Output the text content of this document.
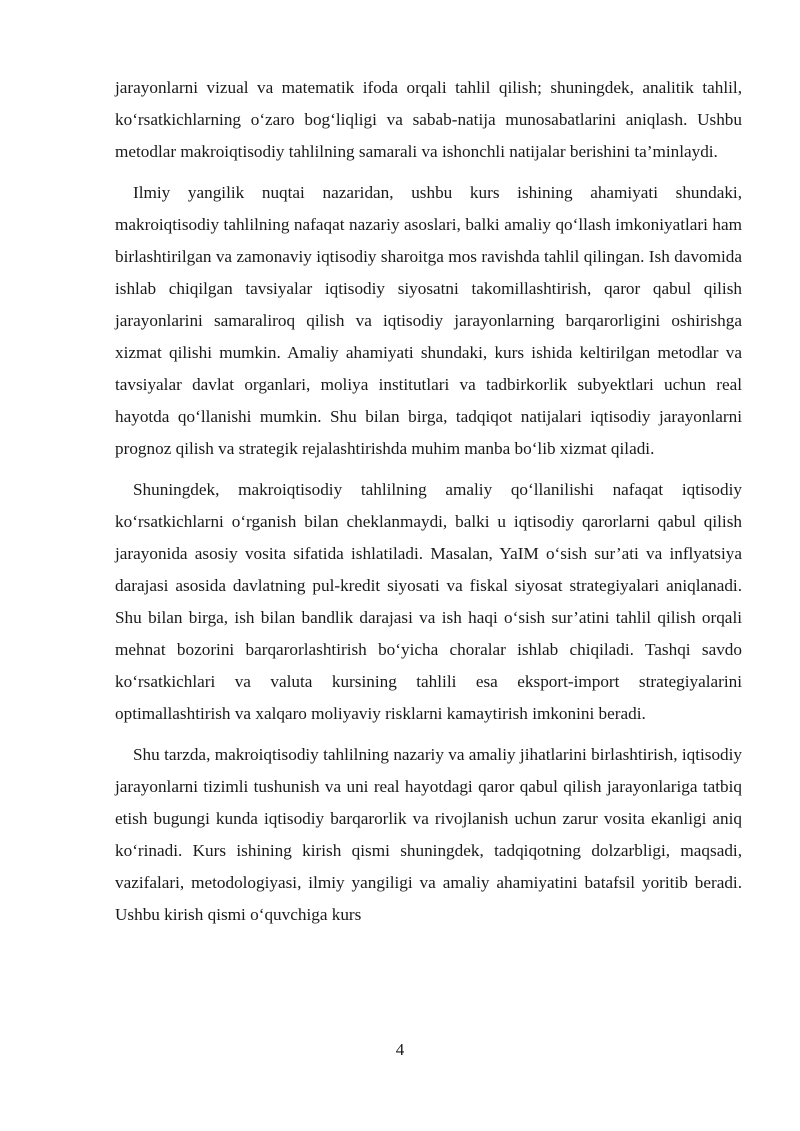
jarayonlarni vizual va matematik ifoda orqali tahlil qilish; shuningdek, analitik tahlil, ko‘rsatkichlarning o‘zaro bog‘liqligi va sabab-natija munosabatlarini aniqlash. Ushbu metodlar makroiqtisodiy tahlilning samarali va ishonchli natijalar berishini ta’minlaydi.

Ilmiy yangilik nuqtai nazaridan, ushbu kurs ishining ahamiyati shundaki, makroiqtisodiy tahlilning nafaqat nazariy asoslari, balki amaliy qo‘llash imkoniyatlari ham birlashtirilgan va zamonaviy iqtisodiy sharoitga mos ravishda tahlil qilingan. Ish davomida ishlab chiqilgan tavsiyalar iqtisodiy siyosatni takomillashtirish, qaror qabul qilish jarayonlarini samaraliroq qilish va iqtisodiy jarayonlarning barqarorligini oshirishga xizmat qilishi mumkin. Amaliy ahamiyati shundaki, kurs ishida keltirilgan metodlar va tavsiyalar davlat organlari, moliya institutlari va tadbirkorlik subyektlari uchun real hayotda qo‘llanishi mumkin. Shu bilan birga, tadqiqot natijalari iqtisodiy jarayonlarni prognoz qilish va strategik rejalashtirishda muhim manba bo‘lib xizmat qiladi.

Shuningdek, makroiqtisodiy tahlilning amaliy qo‘llanilishi nafaqat iqtisodiy ko‘rsatkichlarni o‘rganish bilan cheklanmaydi, balki u iqtisodiy qarorlarni qabul qilish jarayonida asosiy vosita sifatida ishlatiladi. Masalan, YaIM o‘sish sur’ati va inflyatsiya darajasi asosida davlatning pul-kredit siyosati va fiskal siyosat strategiyalari aniqlanadi. Shu bilan birga, ish bilan bandlik darajasi va ish haqi o‘sish sur’atini tahlil qilish orqali mehnat bozorini barqarorlashtirish bo‘yicha choralar ishlab chiqiladi. Tashqi savdo ko‘rsatkichlari va valuta kursining tahlili esa eksport-import strategiyalarini optimallashtirish va xalqaro moliyaviy risklarni kamaytirish imkonini beradi.

Shu tarzda, makroiqtisodiy tahlilning nazariy va amaliy jihatlarini birlashtirish, iqtisodiy jarayonlarni tizimli tushunish va uni real hayotdagi qaror qabul qilish jarayonlariga tatbiq etish bugungi kunda iqtisodiy barqarorlik va rivojlanish uchun zarur vosita ekanligi aniq ko‘rinadi. Kurs ishining kirish qismi shuningdek, tadqiqotning dolzarbligi, maqsadi, vazifalari, metodologiyasi, ilmiy yangiligi va amaliy ahamiyatini batafsil yoritib beradi. Ushbu kirish qismi o‘quvchiga kurs

4
